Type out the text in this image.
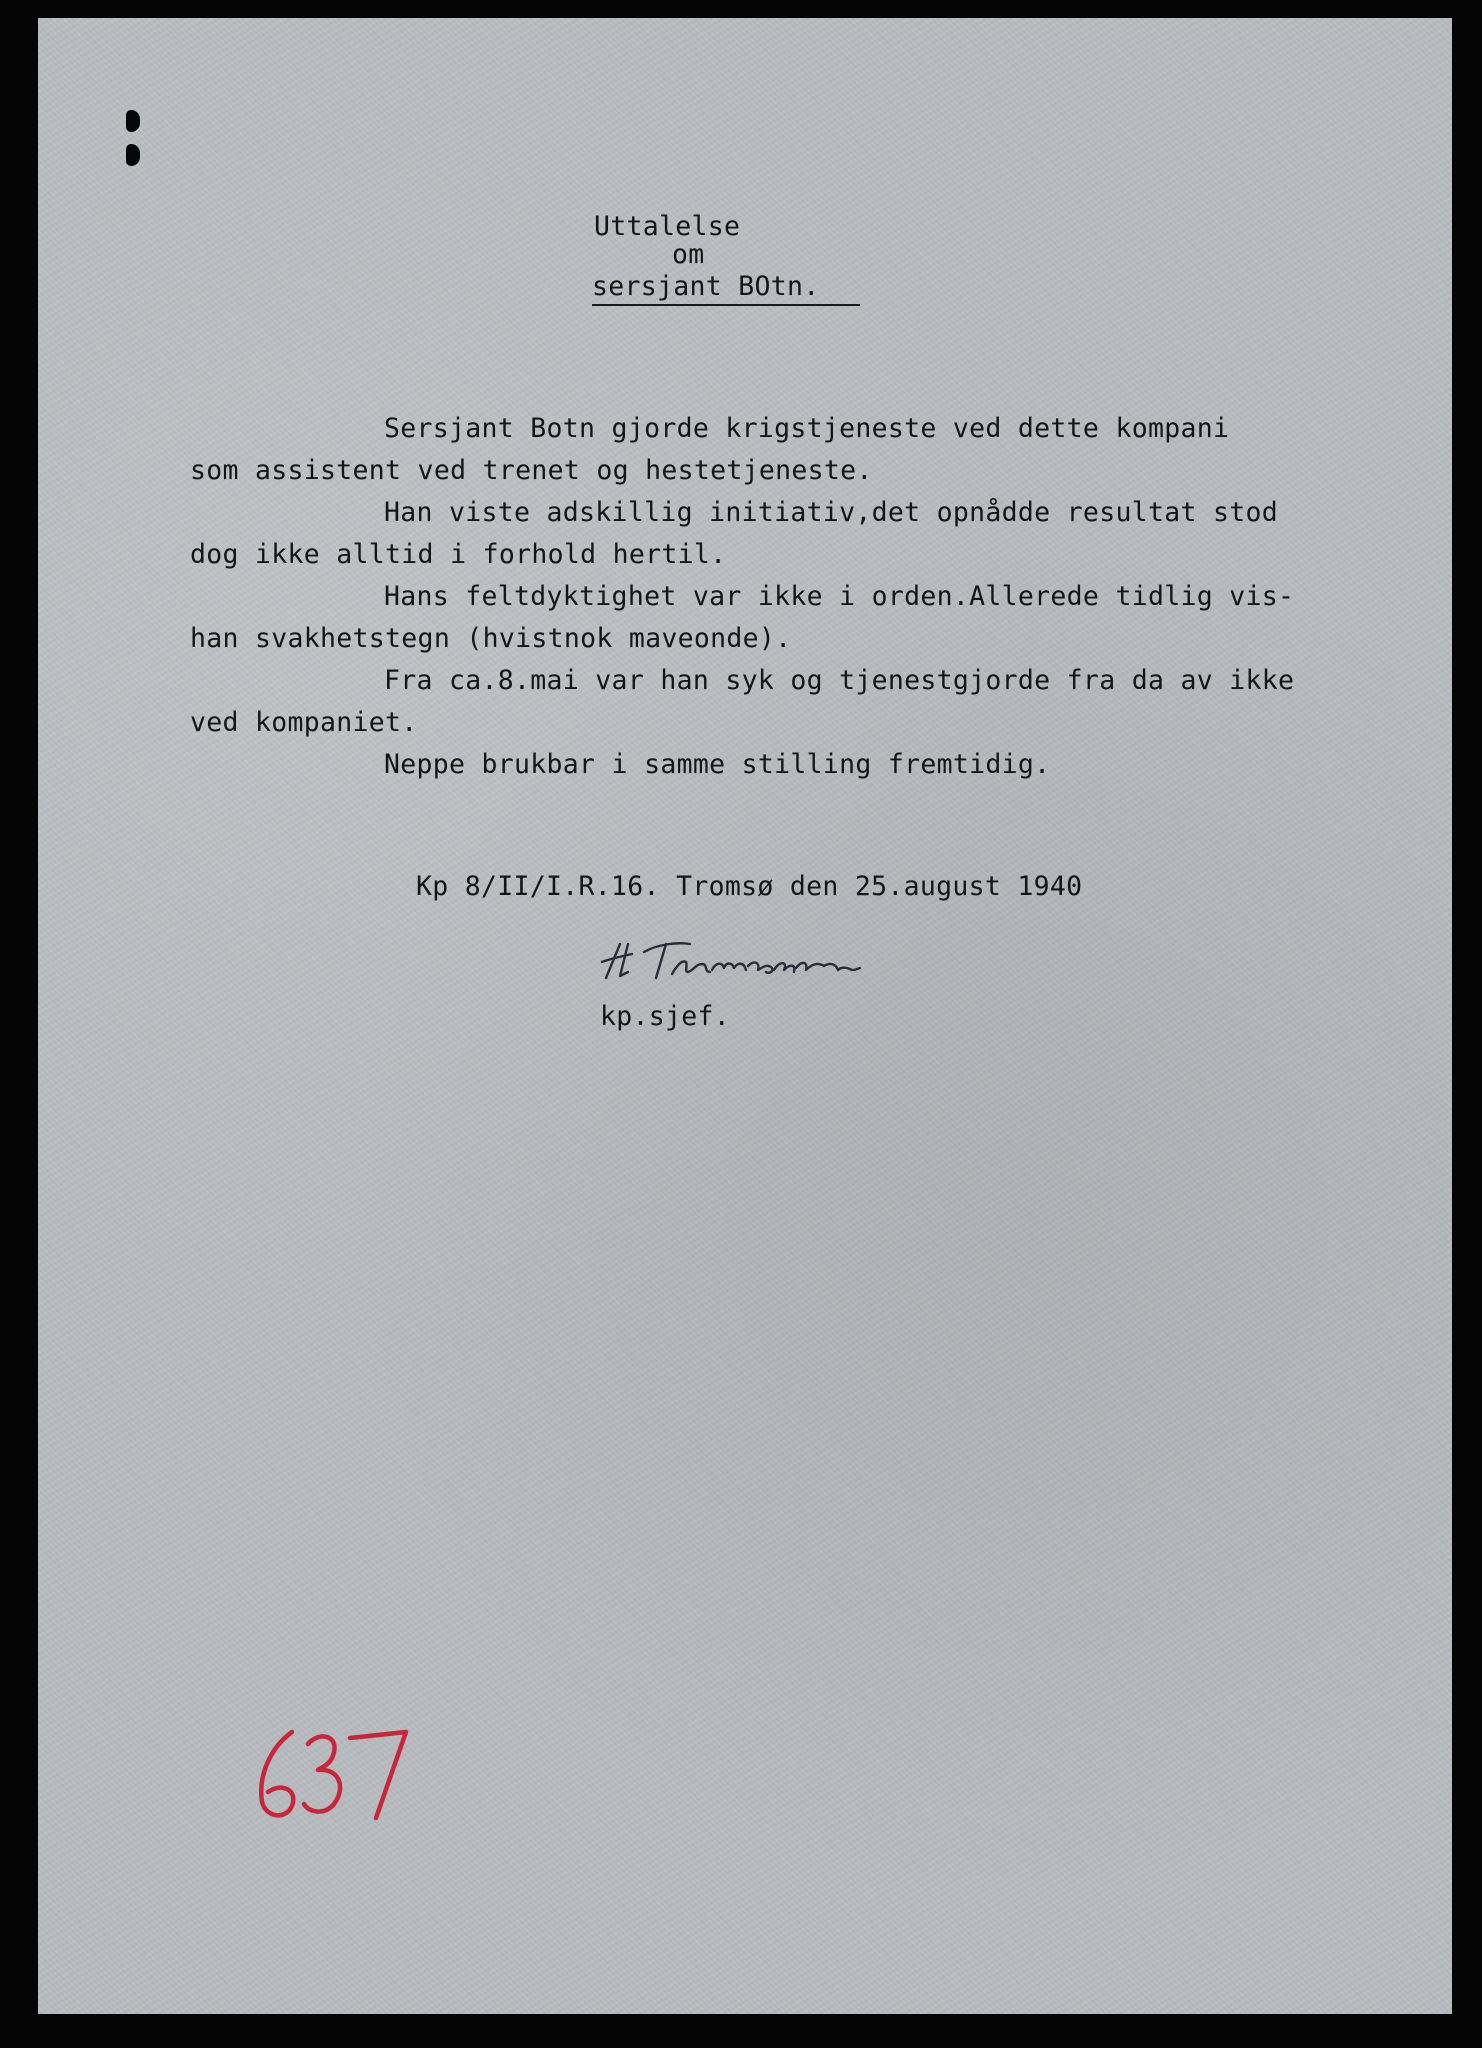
Uttalelse
om
sersjant BOtn.
Sersjant Botn gjorde krigstjeneste ved dette kompani
som assistent ved trenet og hestetjeneste.
Han viste adskillig initiativ,det opnådde resultat stod
dog ikke alltid i forhold hertil.
Hans feltdyktighet var ikke i orden.Allerede tidlig vis-
han svakhetstegn (hvistnok maveonde).
Fra ca.8.mai var han syk og tjenestgjorde fra da av ikke
ved kompaniet.
Neppe brukbar i samme stilling fremtidig.
Kp 8/II/I.R.16. Tromsø den 25.august 1940
kp.sjef.
